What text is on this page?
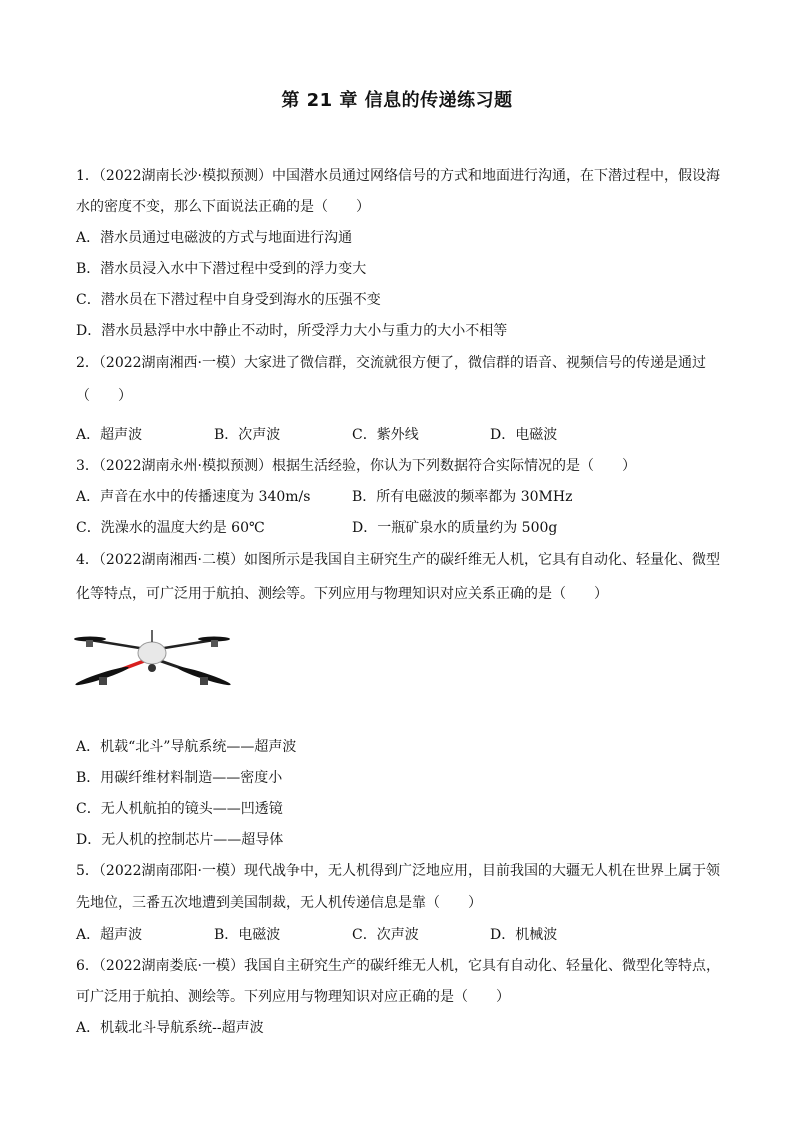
第 21 章 信息的传递练习题
1．（2022湖南长沙·模拟预测）中国潜水员通过网络信号的方式和地面进行沟通，在下潜过程中，假设海
水的密度不变，那么下面说法正确的是（　　）
A．潜水员通过电磁波的方式与地面进行沟通
B．潜水员浸入水中下潜过程中受到的浮力变大
C．潜水员在下潜过程中自身受到海水的压强不变
D．潜水员悬浮中水中静止不动时，所受浮力大小与重力的大小不相等
2．（2022湖南湘西·一模）大家进了微信群，交流就很方便了，微信群的语音、视频信号的传递是通过
（　　）
A．超声波	B．次声波	C．紫外线	D．电磁波
3．（2022湖南永州·模拟预测）根据生活经验，你认为下列数据符合实际情况的是（　　）
A．声音在水中的传播速度为 340m/s	B．所有电磁波的频率都为 30MHz
C．洗澡水的温度大约是 60℃	D．一瓶矿泉水的质量约为 500g
4．（2022湖南湘西·二模）如图所示是我国自主研究生产的碳纤维无人机，它具有自动化、轻量化、微型
化等特点，可广泛用于航拍、测绘等。下列应用与物理知识对应关系正确的是（　　）
A．机载“北斗”导航系统——超声波
B．用碳纤维材料制造——密度小
C．无人机航拍的镜头——凹透镜
D．无人机的控制芯片——超导体
5．（2022湖南邵阳·一模）现代战争中，无人机得到广泛地应用，目前我国的大疆无人机在世界上属于领
先地位，三番五次地遭到美国制裁，无人机传递信息是靠（　　）
A．超声波	B．电磁波	C．次声波	D．机械波
6．（2022湖南娄底·一模）我国自主研究生产的碳纤维无人机，它具有自动化、轻量化、微型化等特点，
可广泛用于航拍、测绘等。下列应用与物理知识对应正确的是（　　）
A．机载北斗导航系统--超声波
